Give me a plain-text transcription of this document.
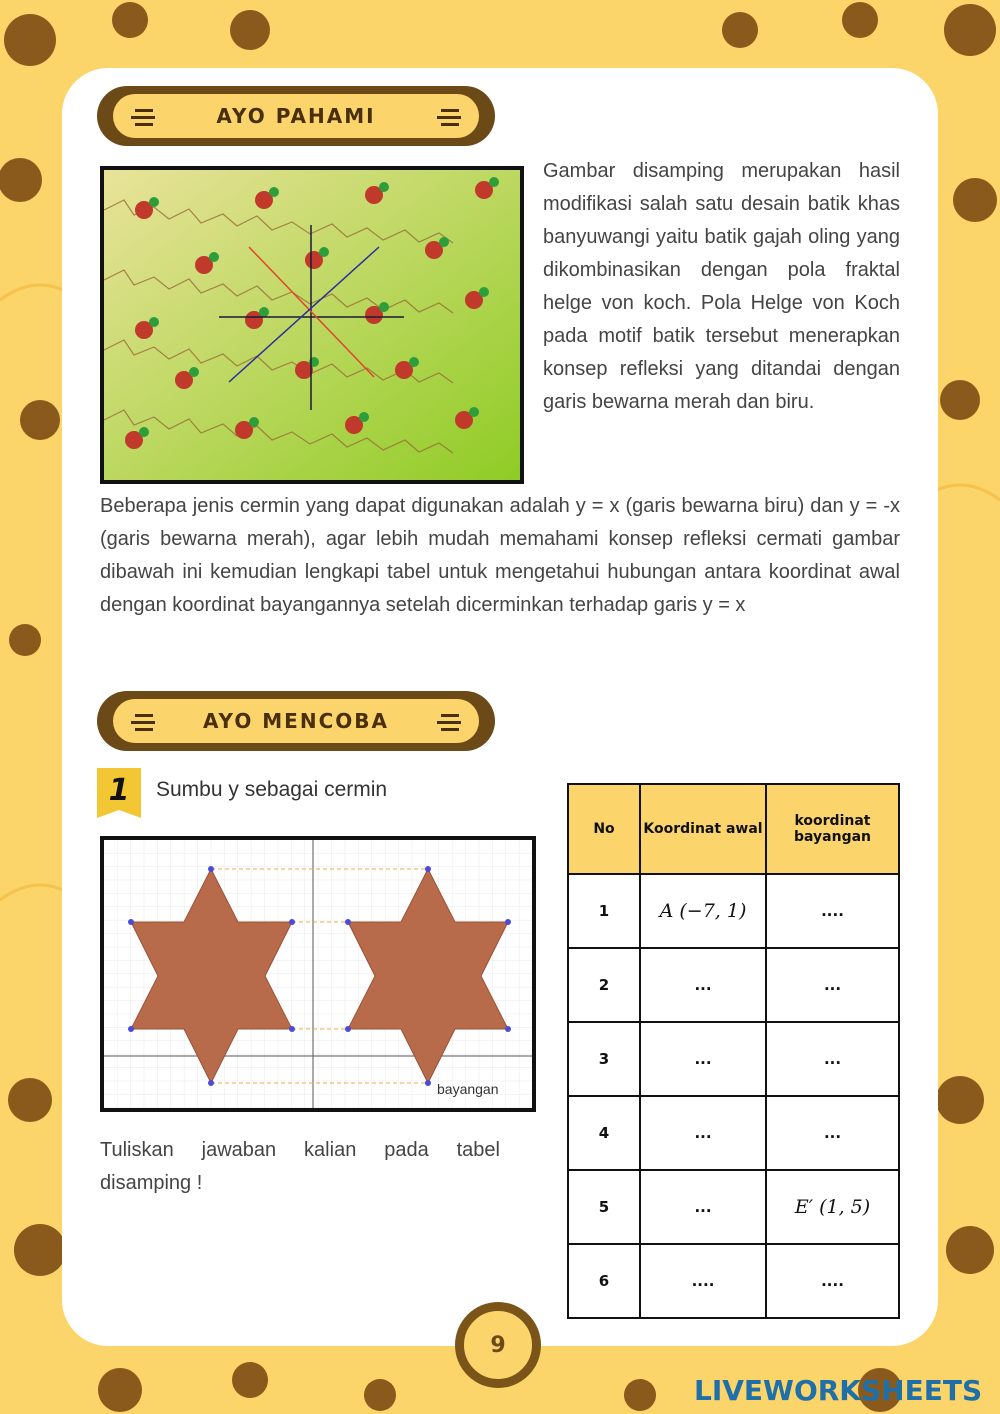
AYO PAHAMI
Gambar disamping merupakan hasil modifikasi salah satu desain batik khas banyuwangi yaitu batik gajah oling yang dikombinasikan dengan pola fraktal helge von koch. Pola Helge von Koch pada motif batik tersebut menerapkan konsep refleksi yang ditandai dengan garis bewarna merah dan biru.
Beberapa jenis cermin yang dapat digunakan adalah y = x (garis bewarna biru) dan y = -x (garis bewarna merah), agar lebih mudah memahami konsep refleksi cermati gambar dibawah ini kemudian lengkapi tabel untuk mengetahui hubungan antara koordinat awal dengan koordinat bayangannya setelah dicerminkan terhadap garis y = x
AYO MENCOBA
1 Sumbu y sebagai cermin
bayangan
Tuliskan jawaban kalian pada tabel disamping !
No	Koordinat awal	koordinat bayangan
1	A (−7, 1)	....
2	...	...
3	...	...
4	...	...
5	...	E′ (1, 5)
6	....	....
9
LIVEWORKSHEETS
